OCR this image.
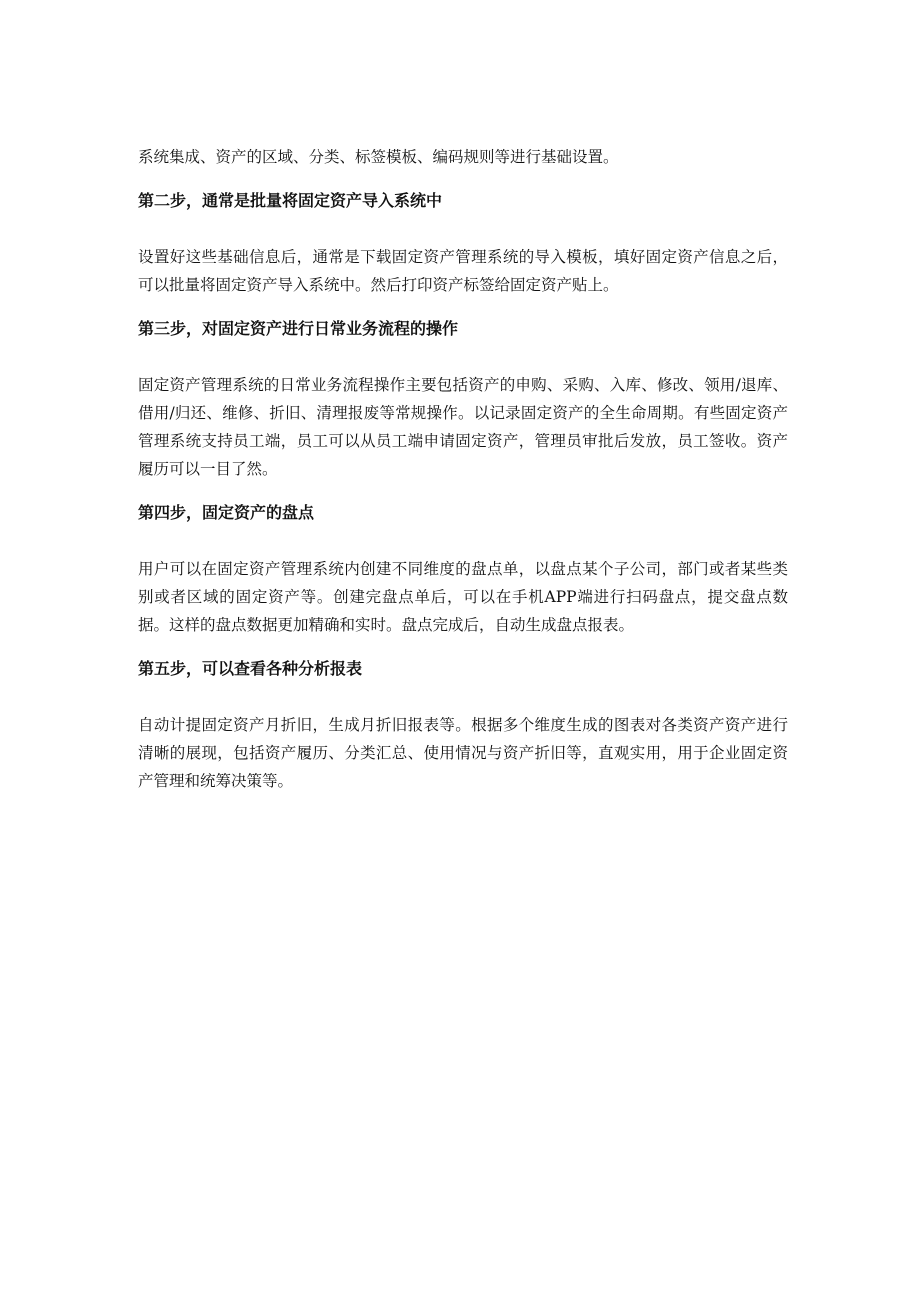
系统集成、资产的区域、分类、标签模板、编码规则等进行基础设置。

第二步，通常是批量将固定资产导入系统中

设置好这些基础信息后，通常是下载固定资产管理系统的导入模板，填好固定资产信息之后，可以批量将固定资产导入系统中。然后打印资产标签给固定资产贴上。

第三步，对固定资产进行日常业务流程的操作

固定资产管理系统的日常业务流程操作主要包括资产的申购、采购、入库、修改、领用/退库、借用/归还、维修、折旧、清理报废等常规操作。以记录固定资产的全生命周期。有些固定资产管理系统支持员工端，员工可以从员工端申请固定资产，管理员审批后发放，员工签收。资产履历可以一目了然。

第四步，固定资产的盘点

用户可以在固定资产管理系统内创建不同维度的盘点单，以盘点某个子公司，部门或者某些类别或者区域的固定资产等。创建完盘点单后，可以在手机APP端进行扫码盘点，提交盘点数据。这样的盘点数据更加精确和实时。盘点完成后，自动生成盘点报表。

第五步，可以查看各种分析报表

自动计提固定资产月折旧，生成月折旧报表等。根据多个维度生成的图表对各类资产资产进行清晰的展现，包括资产履历、分类汇总、使用情况与资产折旧等，直观实用，用于企业固定资产管理和统筹决策等。
